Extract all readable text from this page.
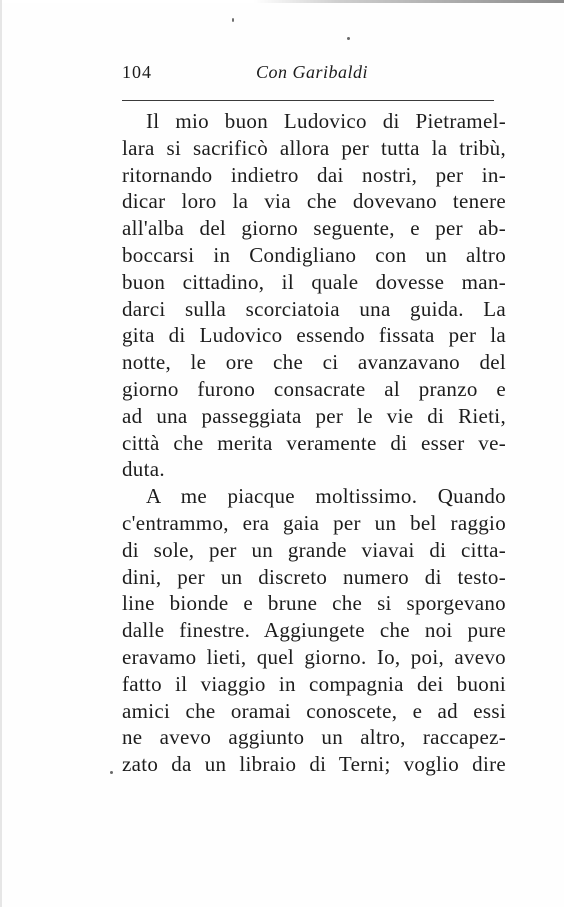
104	Con Garibaldi
Il mio buon Ludovico di Pietramel-
lara si sacrificò allora per tutta la tribù,
ritornando indietro dai nostri, per in-
dicar loro la via che dovevano tenere
all'alba del giorno seguente, e per ab-
boccarsi in Condigliano con un altro
buon cittadino, il quale dovesse man-
darci sulla scorciatoia una guida. La
gita di Ludovico essendo fissata per la
notte, le ore che ci avanzavano del
giorno furono consacrate al pranzo e
ad una passeggiata per le vie di Rieti,
città che merita veramente di esser ve-
duta.
A me piacque moltissimo. Quando
c'entrammo, era gaia per un bel raggio
di sole, per un grande viavai di citta-
dini, per un discreto numero di testo-
line bionde e brune che si sporgevano
dalle finestre. Aggiungete che noi pure
eravamo lieti, quel giorno. Io, poi, avevo
fatto il viaggio in compagnia dei buoni
amici che oramai conoscete, e ad essi
ne avevo aggiunto un altro, raccapez-
zato da un libraio di Terni; voglio dire
